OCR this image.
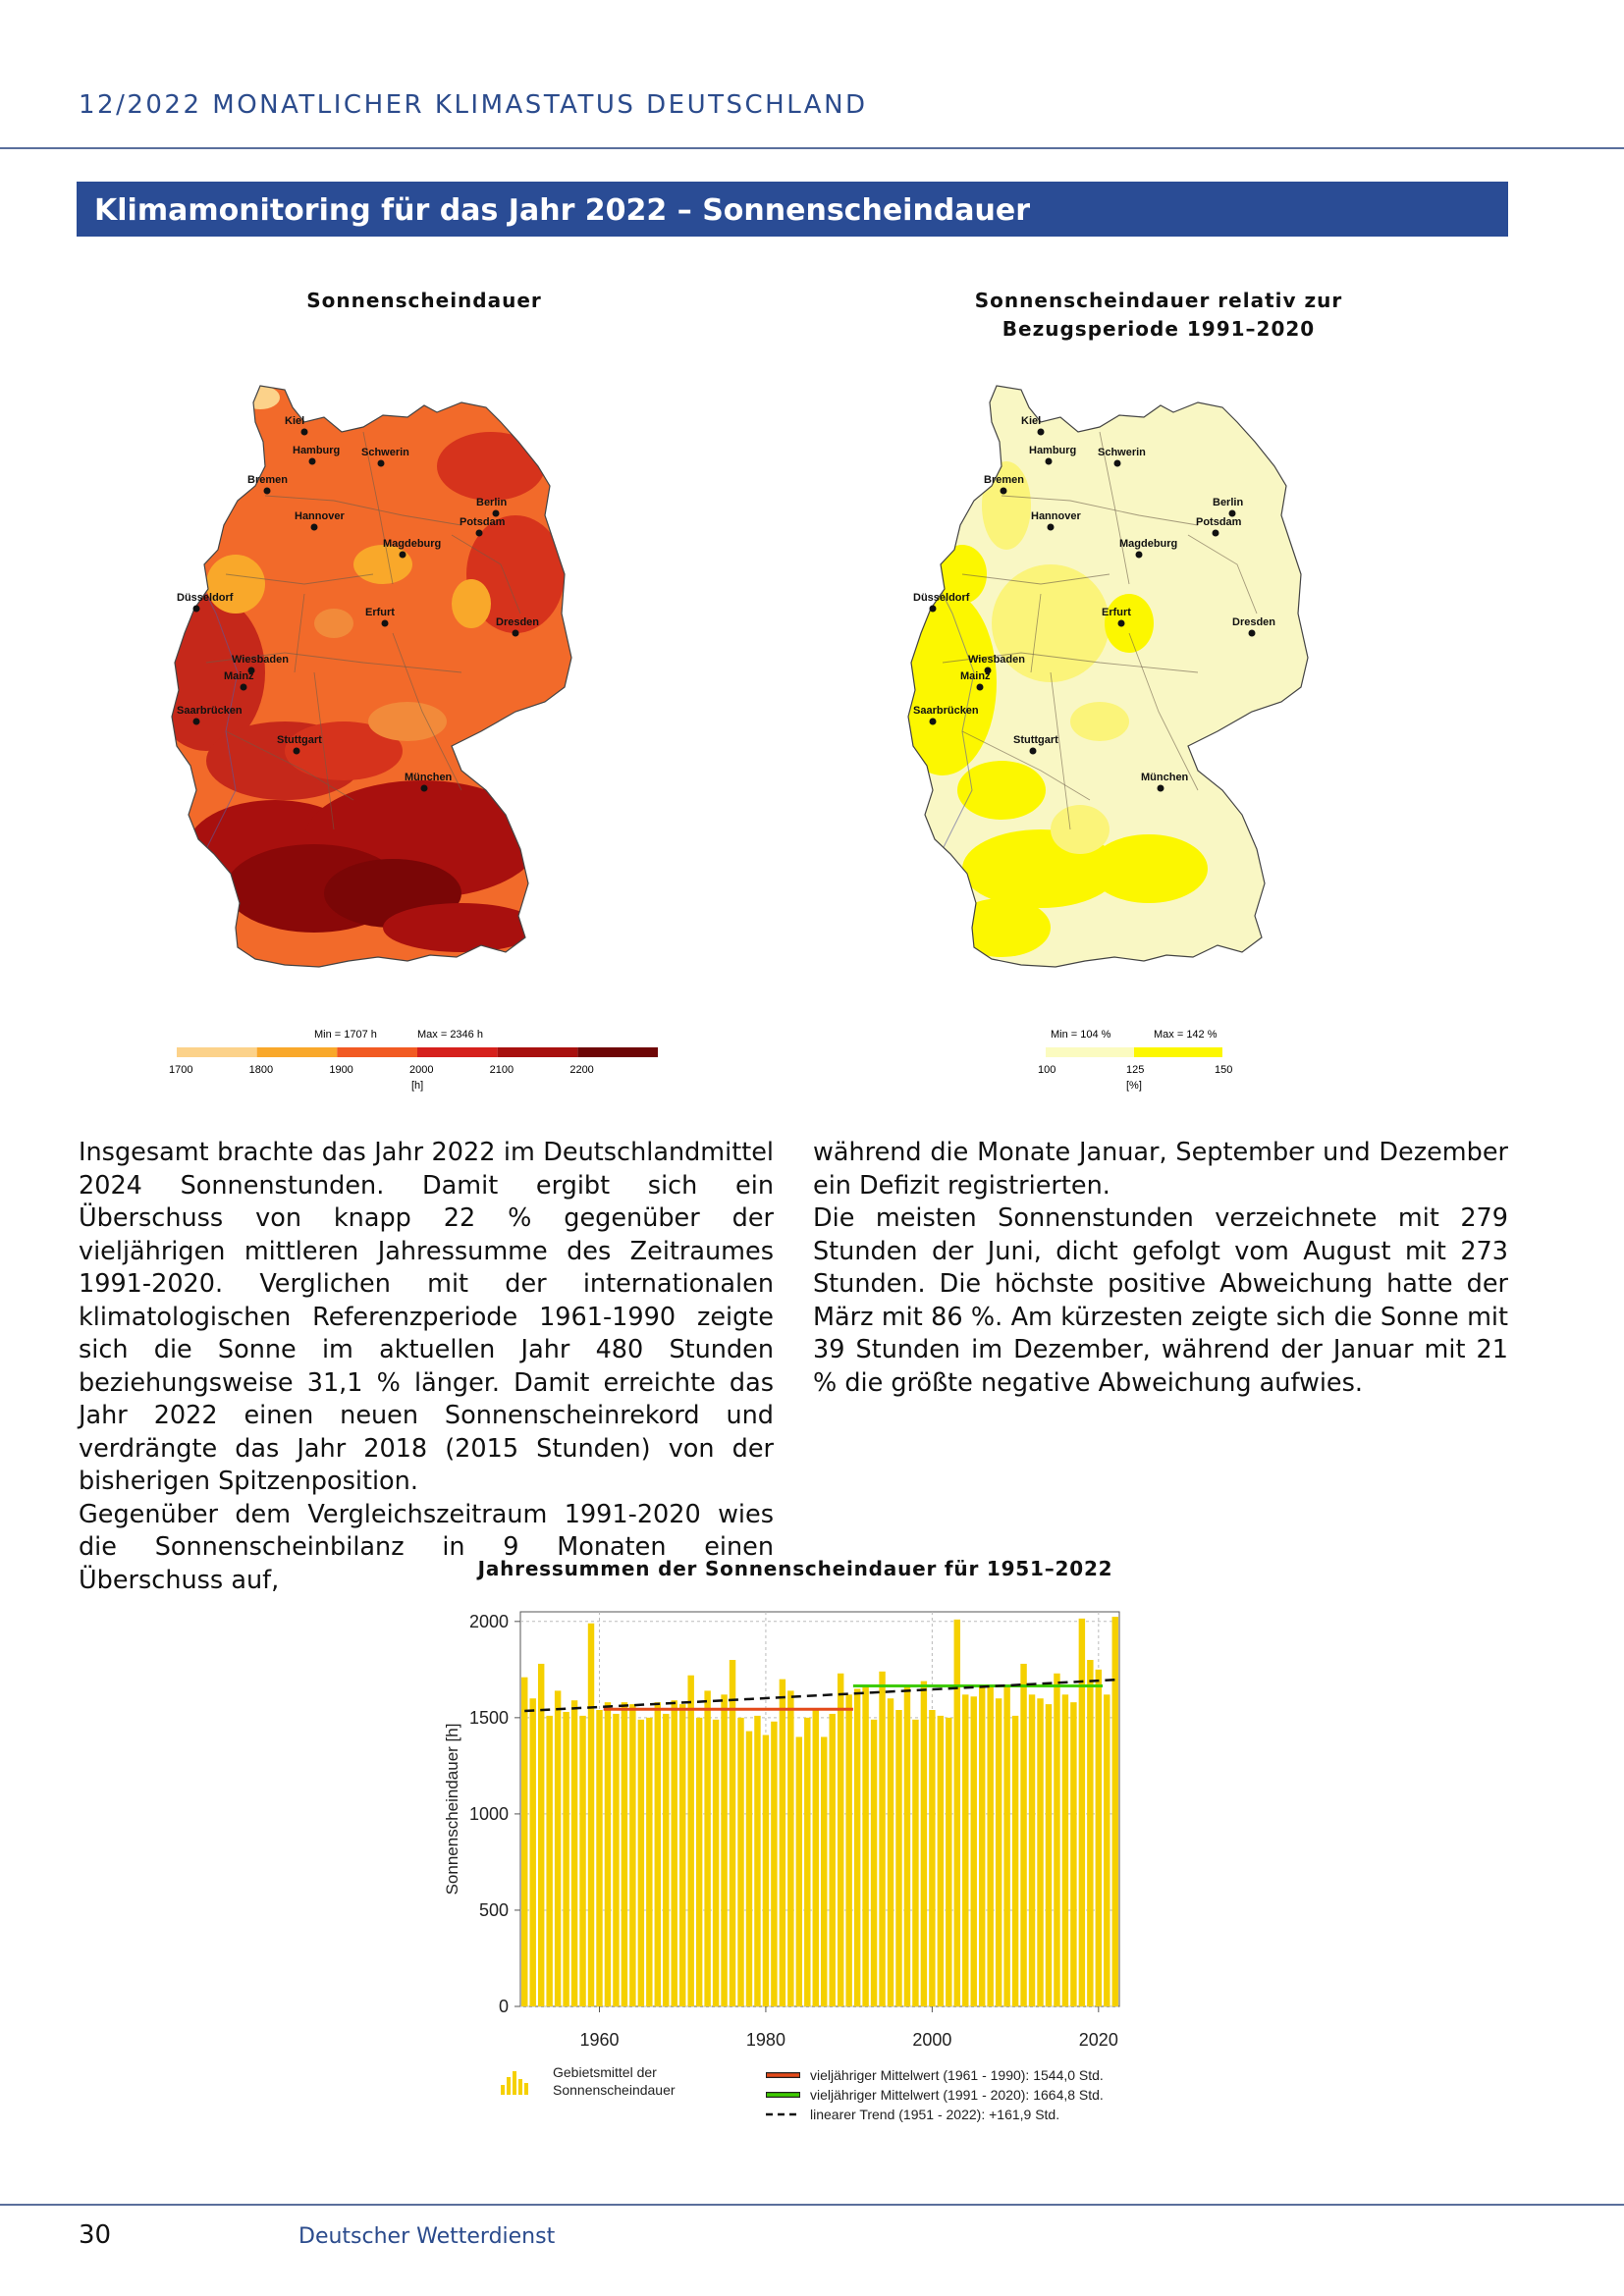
12/2022 MONATLICHER KLIMASTATUS DEUTSCHLAND
Klimamonitoring für das Jahr 2022 – Sonnenscheindauer
Sonnenscheindauer
Kiel
Hamburg Schwerin
Bremen
Berlin
Hannover	Potsdam
Magdeburg
Düsseldorf
Erfurt
Dresden
Wiesbaden
Mainz
Saarbrücken
Stuttgart
München
Min = 1707 h	Max = 2346 h
1700	1800	1900	2000	2100	2200
[h]
Sonnenscheindauer relativ zur
Bezugsperiode 1991–2020
Kiel
Hamburg Schwerin
Bremen
Berlin
Hannover	Potsdam
Magdeburg
Düsseldorf
Erfurt
Dresden
Wiesbaden
Mainz
Saarbrücken
Stuttgart
München
Min = 104 %	Max = 142 %
100	125	150
[%]

Insgesamt brachte das Jahr 2022 im Deutschlandmittel 2024 Sonnenstunden. Damit ergibt sich ein Überschuss von knapp 22 % gegenüber der vieljährigen mittleren Jahressumme des Zeitraumes 1991-2020. Verglichen mit der internationalen klimatologischen Referenzperiode 1961-1990 zeigte sich die Sonne im aktuellen Jahr 480 Stunden beziehungsweise 31,1 % länger. Damit erreichte das Jahr 2022 einen neuen Sonnenscheinrekord und verdrängte das Jahr 2018 (2015 Stunden) von der bisherigen Spitzenposition.

Gegenüber dem Vergleichszeitraum 1991-2020 wies die Sonnenscheinbilanz in 9 Monaten einen Überschuss auf,

während die Monate Januar, September und Dezember ein Defizit registrierten.

Die meisten Sonnenstunden verzeichnete mit 279 Stunden der Juni, dicht gefolgt vom August mit 273 Stunden. Die höchste positive Abweichung hatte der März mit 86 %. Am kürzesten zeigte sich die Sonne mit 39 Stunden im Dezember, während der Januar mit 21 % die größte negative Abweichung aufwies.

Jahressummen der Sonnenscheindauer für 1951–2022
0
500
1000
1500
2000
1960	1980	2000	2020
Sonnenscheindauer [h]
Gebietsmittel der
Sonnenscheindauer
vieljähriger Mittelwert (1961 - 1990): 1544,0 Std.
vieljähriger Mittelwert (1991 - 2020): 1664,8 Std.
linearer Trend (1951 - 2022): +161,9 Std.
30	Deutscher Wetterdienst
